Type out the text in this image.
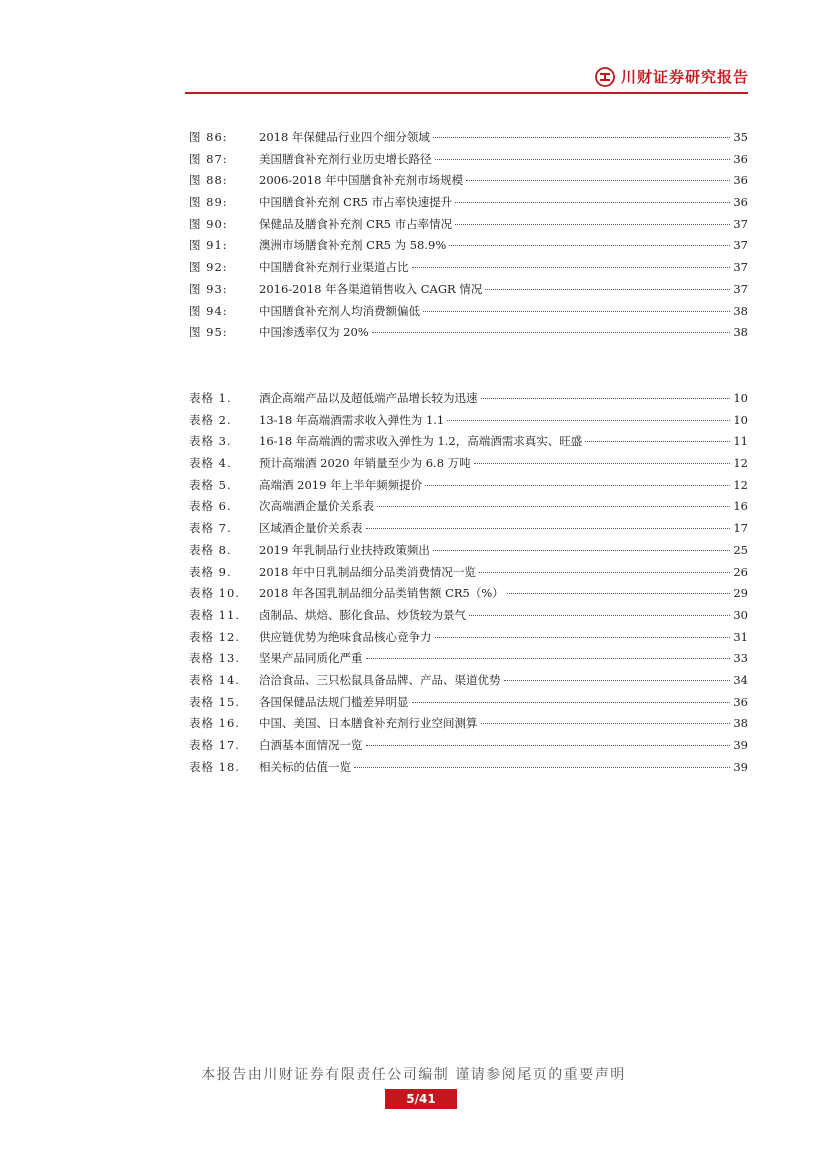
川财证券研究报告
图 86:	2018 年保健品行业四个细分领域	35
图 87:	美国膳食补充剂行业历史增长路径	36
图 88:	2006-2018 年中国膳食补充剂市场规模	36
图 89:	中国膳食补充剂 CR5 市占率快速提升	36
图 90:	保健品及膳食补充剂 CR5 市占率情况	37
图 91:	澳洲市场膳食补充剂 CR5 为 58.9%	37
图 92:	中国膳食补充剂行业渠道占比	37
图 93:	2016-2018 年各渠道销售收入 CAGR 情况	37
图 94:	中国膳食补充剂人均消费额偏低	38
图 95:	中国渗透率仅为 20%	38
表格 1.	酒企高端产品以及超低端产品增长较为迅速	10
表格 2.	13-18 年高端酒需求收入弹性为 1.1	10
表格 3.	16-18 年高端酒的需求收入弹性为 1.2，高端酒需求真实、旺盛	11
表格 4.	预计高端酒 2020 年销量至少为 6.8 万吨	12
表格 5.	高端酒 2019 年上半年频频提价	12
表格 6.	次高端酒企量价关系表	16
表格 7.	区域酒企量价关系表	17
表格 8.	2019 年乳制品行业扶持政策频出	25
表格 9.	2018 年中日乳制品细分品类消费情况一览	26
表格 10.	2018 年各国乳制品细分品类销售额 CR5（%）	29
表格 11.	卤制品、烘焙、膨化食品、炒货较为景气	30
表格 12.	供应链优势为绝味食品核心竞争力	31
表格 13.	坚果产品同质化严重	33
表格 14.	洽洽食品、三只松鼠具备品牌、产品、渠道优势	34
表格 15.	各国保健品法规门槛差异明显	36
表格 16.	中国、美国、日本膳食补充剂行业空间测算	38
表格 17.	白酒基本面情况一览	39
表格 18.	相关标的估值一览	39
本报告由川财证券有限责任公司编制 谨请参阅尾页的重要声明
5/41
